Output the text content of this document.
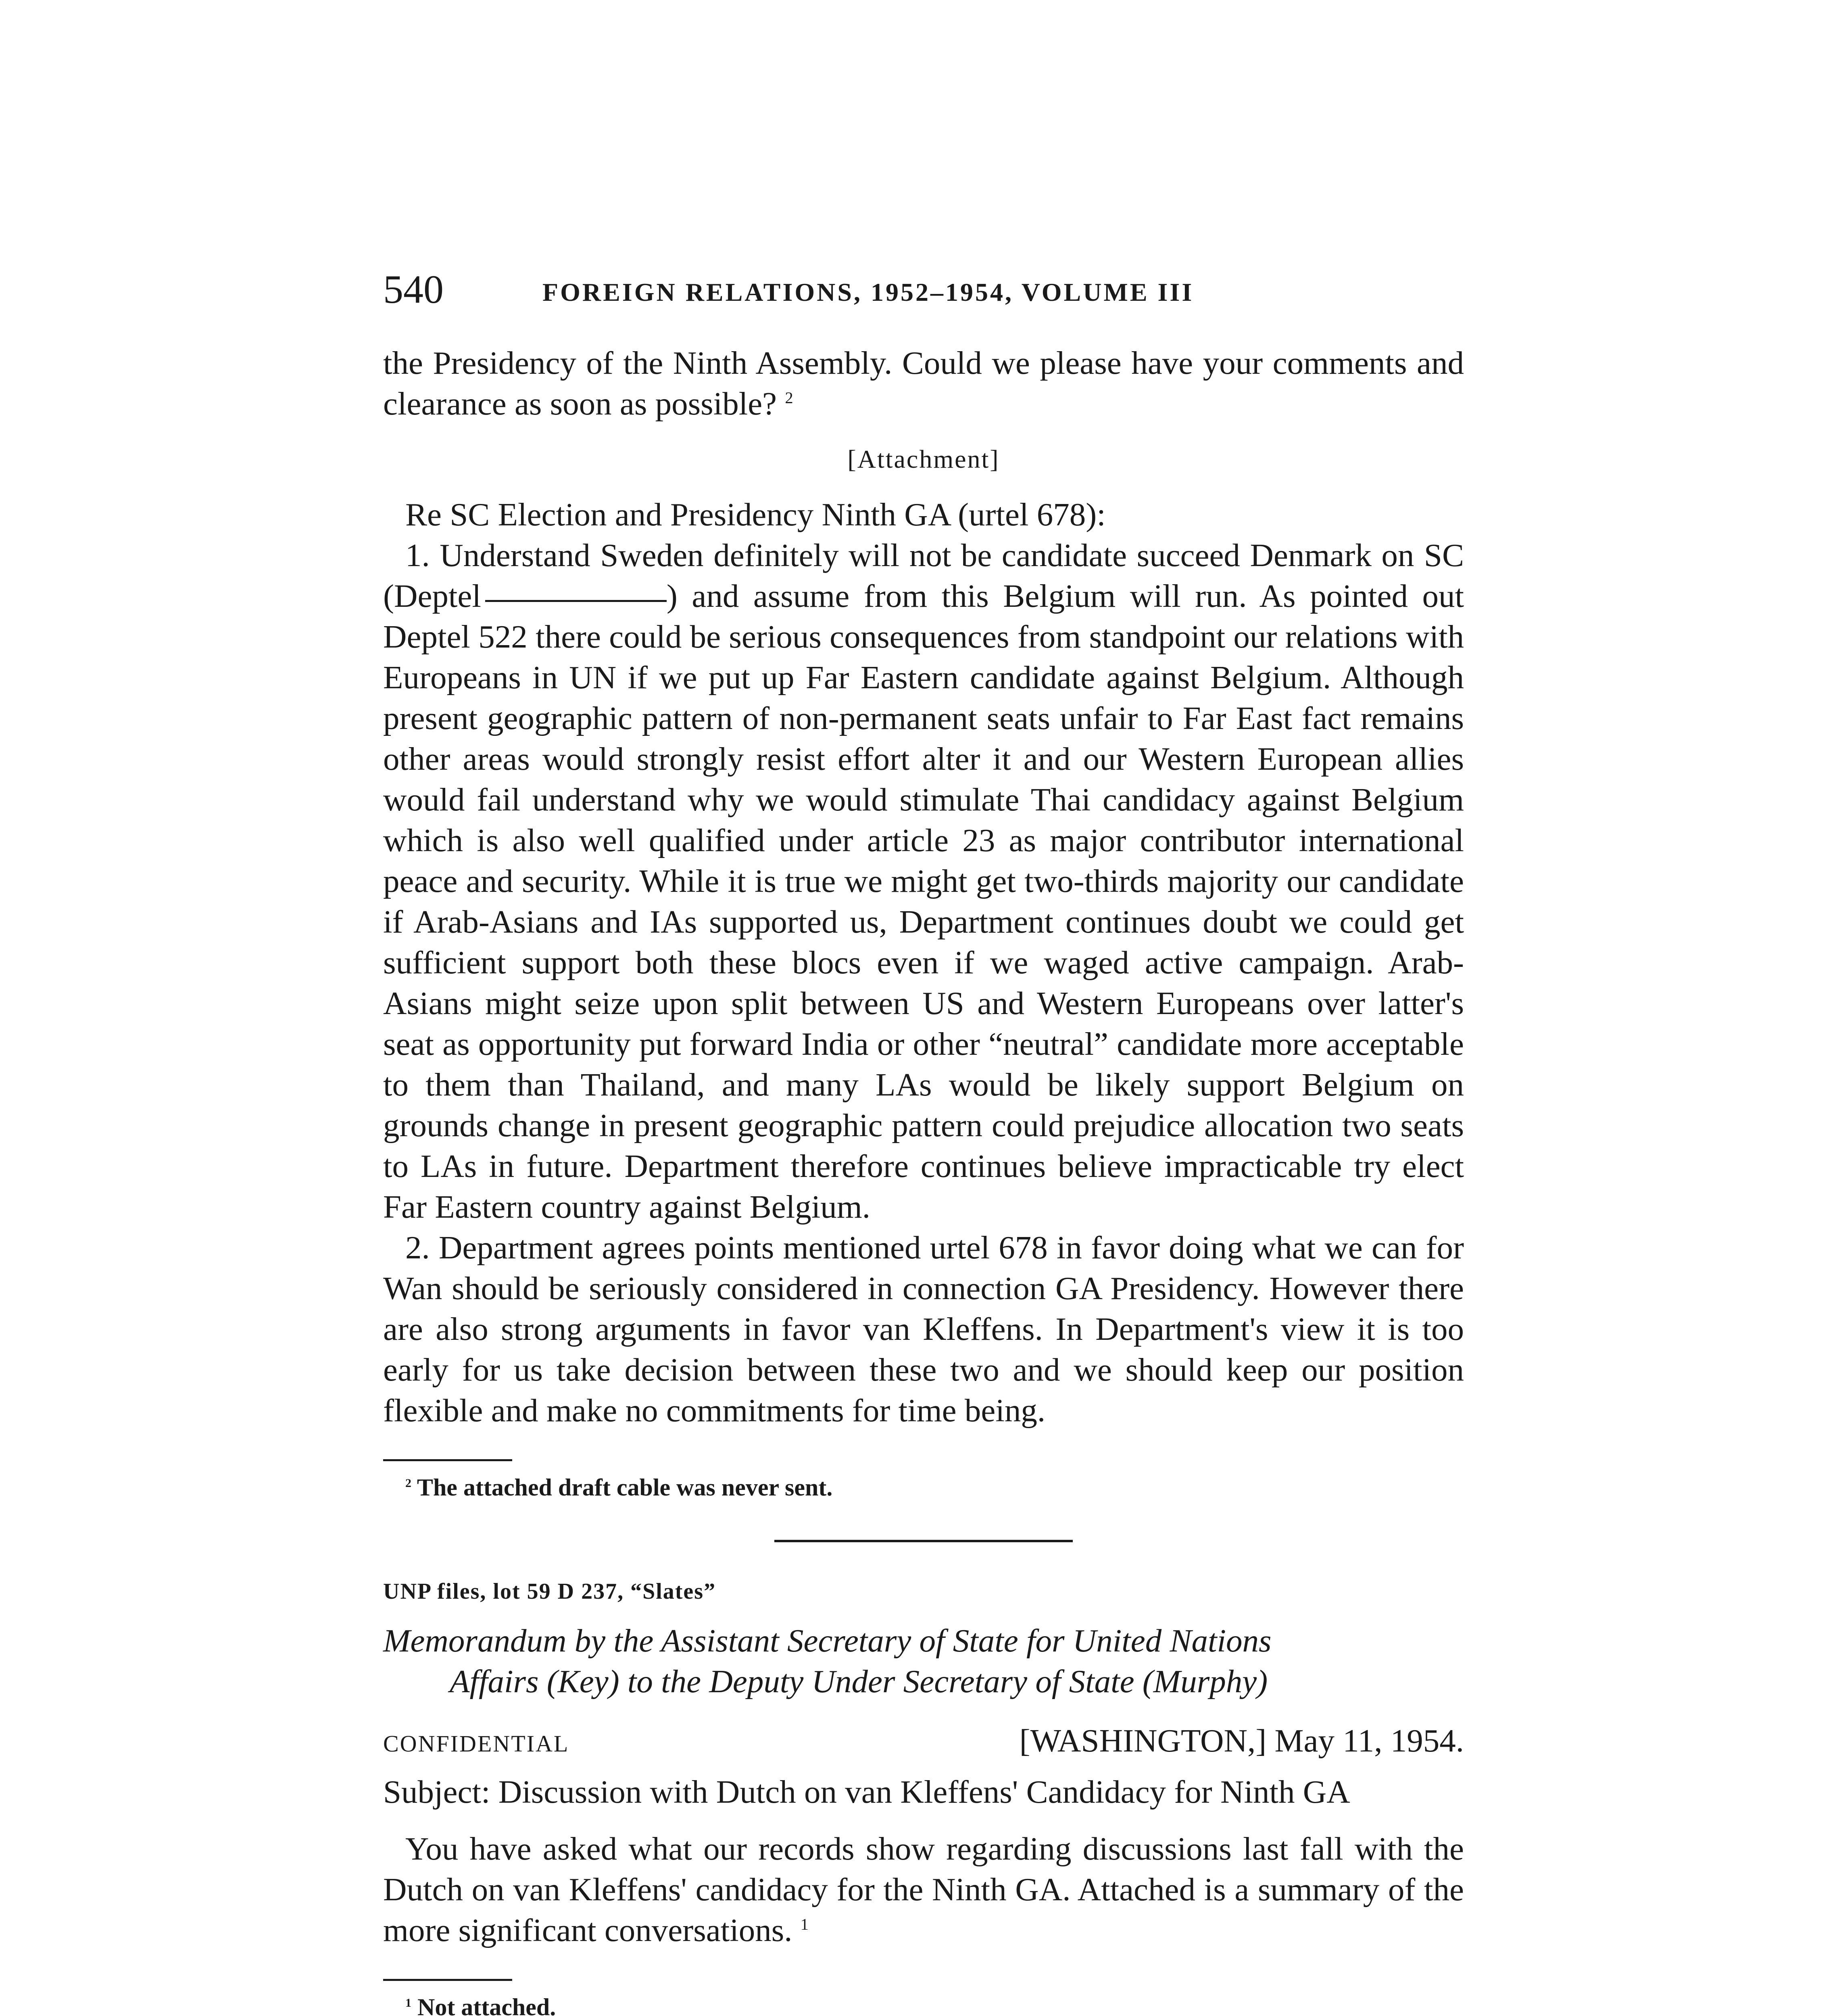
540	FOREIGN RELATIONS, 1952–1954, VOLUME III

the Presidency of the Ninth Assembly. Could we please have your comments and clearance as soon as possible? $^2$

[Attachment]

Re SC Election and Presidency Ninth GA (urtel 678):

1. Understand Sweden definitely will not be candidate succeed Denmark on SC (Deptel	) and assume from this Belgium will run. As pointed out Deptel 522 there could be serious consequences from standpoint our relations with Europeans in UN if we put up Far Eastern candidate against Belgium. Although present geographic pattern of non-permanent seats unfair to Far East fact remains other areas would strongly resist effort alter it and our Western European allies would fail understand why we would stimulate Thai candidacy against Belgium which is also well qualified under article 23 as major contributor international peace and security. While it is true we might get two-thirds majority our candidate if Arab-Asians and IAs supported us, Department continues doubt we could get sufficient support both these blocs even if we waged active campaign. Arab-Asians might seize upon split between US and Western Europeans over latter's seat as opportunity put forward India or other “neutral” candidate more acceptable to them than Thailand, and many LAs would be likely support Belgium on grounds change in present geographic pattern could prejudice allocation two seats to LAs in future. Department therefore continues believe impracticable try elect Far Eastern country against Belgium.

2. Department agrees points mentioned urtel 678 in favor doing what we can for Wan should be seriously considered in connection GA Presidency. However there are also strong arguments in favor van Kleffens. In Department's view it is too early for us take decision between these two and we should keep our position flexible and make no commitments for time being.

$^2$ The attached draft cable was never sent.

UNP files, lot 59 D 237, “Slates”

Memorandum by the Assistant Secretary of State for United Nations

Affairs (Key) to the Deputy Under Secretary of State (Murphy)

CONFIDENTIAL	[WASHINGTON,] May 11, 1954.

Subject: Discussion with Dutch on van Kleffens' Candidacy for Ninth GA

You have asked what our records show regarding discussions last fall with the Dutch on van Kleffens' candidacy for the Ninth GA. Attached is a summary of the more significant conversations. $^1$

$^1$ Not attached.
